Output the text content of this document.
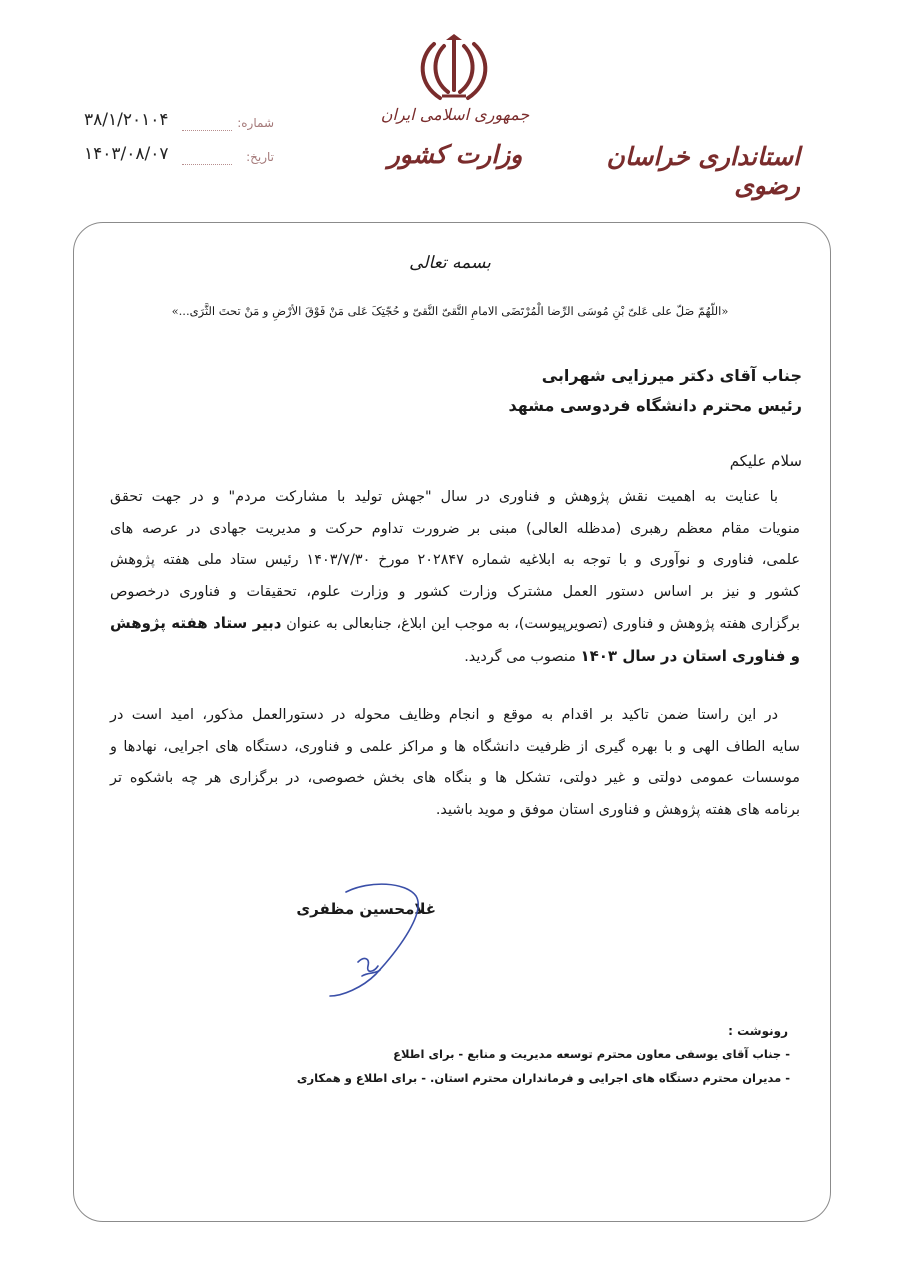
جمهوری اسلامی ایران
وزارت کشور	استانداری خراسان رضوی
شماره:
۳۸/۱/۲۰۱۰۴
تاریخ:
۱۴۰۳/۰۸/۰۷
بسمه تعالی
«اللّهُمّ صَلّ علی عَلیّ بْنِ مُوسَی الرِّضا الْمُرْتَضَی الامامِ التَّقیّ النَّقیّ و حُجّتِکَ عَلی مَنْ فَوْقَ الأرْضِ و مَنْ تحتَ الثَّرَی...»
جناب آقای دکتر میرزایی شهرابی
رئیس محترم دانشگاه فردوسی مشهد
سلام علیکم
با عنایت به اهمیت نقش پژوهش و فناوری در سال "جهش تولید با مشارکت مردم" و در جهت تحقق
منویات مقام معظم رهبری (مدظله العالی) مبنی بر ضرورت تداوم حرکت و مدیریت جهادی در عرصه های
علمی، فناوری و نوآوری و با توجه به ابلاغیه شماره ۲۰۲۸۴۷ مورخ ۱۴۰۳/۷/۳۰ رئیس ستاد ملی هفته پژوهش
کشور و نیز بر اساس دستور العمل مشترک وزارت کشور و وزارت علوم، تحقیقات و فناوری درخصوص
برگزاری هفته پژوهش و فناوری (تصویرپیوست)، به موجب این ابلاغ، جنابعالی به عنوان دبیر ستاد هفته پژوهش
و فناوری استان در سال ۱۴۰۳ منصوب می گردید.
در این راستا ضمن تاکید بر اقدام به موقع و انجام وظایف محوله در دستورالعمل مذکور، امید است در
سایه الطاف الهی و با بهره گیری از ظرفیت دانشگاه ها و مراکز علمی و فناوری، دستگاه های اجرایی، نهادها و
موسسات عمومی دولتی و غیر دولتی، تشکل ها و بنگاه های بخش خصوصی، در برگزاری هر چه باشکوه تر
برنامه های هفته پژوهش و فناوری استان موفق و موید باشید.
غلامحسین مظفری
رونوشت :
- جناب آقای یوسفی معاون محترم توسعه مدیریت و منابع - برای اطلاع
- مدیران محترم دستگاه های اجرایی و فرمانداران محترم استان. - برای اطلاع و همکاری
